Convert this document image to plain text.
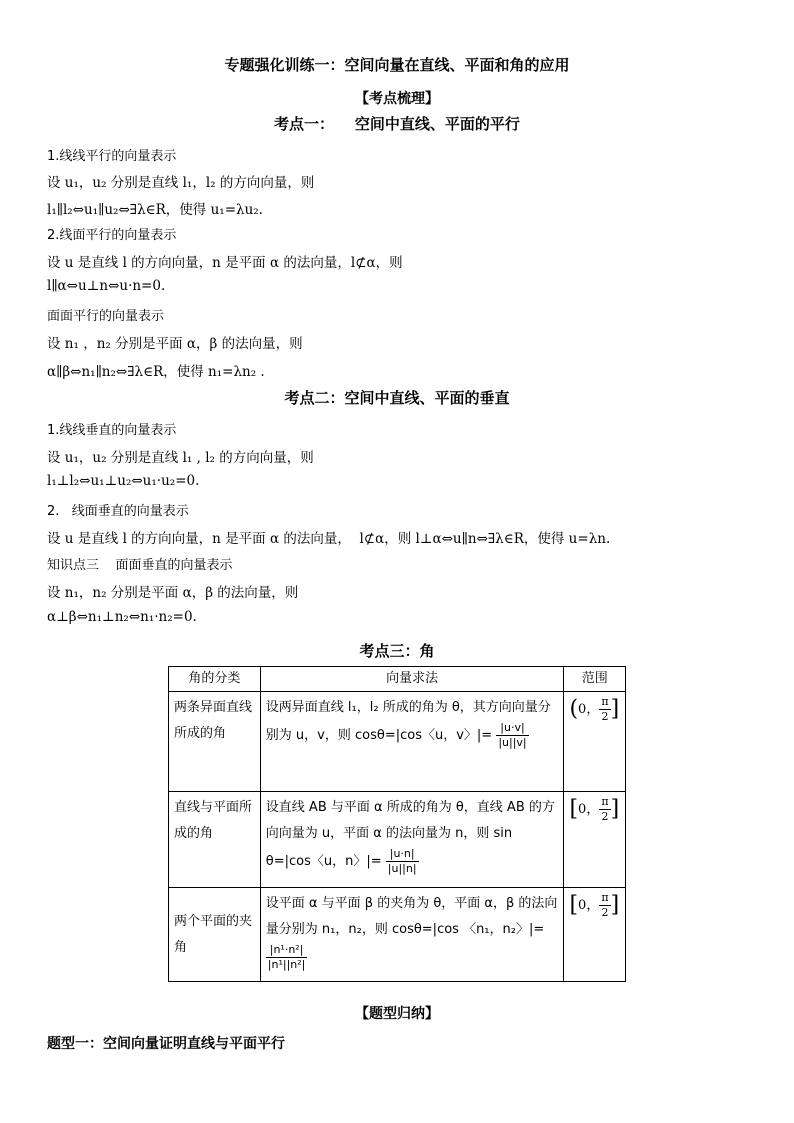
专题强化训练一：空间向量在直线、平面和角的应用
【考点梳理】
考点一：    空间中直线、平面的平行
1.线线平行的向量表示
设 u₁，u₂ 分别是直线 l₁，l₂ 的方向向量，则
l₁∥l₂⇔u₁∥u₂⇔∃λ∈R，使得 u₁=λu₂.
2.线面平行的向量表示
设 u 是直线 l 的方向向量，n 是平面 α 的法向量，l⊄α，则
l∥α⇔u⊥n⇔u·n=0.
面面平行的向量表示
设 n₁ ，n₂ 分别是平面 α，β 的法向量，则
α∥β⇔n₁∥n₂⇔∃λ∈R，使得 n₁=λn₂ .
考点二：空间中直线、平面的垂直
1.线线垂直的向量表示
设 u₁，u₂ 分别是直线 l₁ , l₂ 的方向向量，则
l₁⊥l₂⇔u₁⊥u₂⇔u₁·u₂=0.
2.   线面垂直的向量表示
设 u 是直线 l 的方向向量，n 是平面 α 的法向量，  l⊄α，则 l⊥α⇔u∥n⇔∃λ∈R，使得 u=λn.
知识点三    面面垂直的向量表示
设 n₁，n₂ 分别是平面 α，β 的法向量，则
α⊥β⇔n₁⊥n₂⇔n₁·n₂=0.
考点三：角
角的分类	向量求法	范围
两条异面直线所成的角	设两异面直线 l₁，l₂ 所成的角为 θ，其方向向量分别为 u，v，则 cosθ=|cos〈u，v〉|= $\frac{|u\cdot v|}{|u||v|}$	(0， $\frac{\pi}{2}$ ]
直线与平面所成的角	设直线 AB 与平面 α 所成的角为 θ，直线 AB 的方向向量为 u，平面 α 的法向量为 n，则 sin θ=|cos〈u，n〉|= $\frac{|u\cdot n|}{|u||n|}$	[0， $\frac{\pi}{2}$ ]
两个平面的夹角	设平面 α 与平面 β 的夹角为 θ，平面 α，β 的法向量分别为 n₁，n₂，则 cosθ=|cos 〈n₁，n₂〉|=
$\frac{\text{|n¹·n²|}}{\text{|n¹||n²|}}$	[0， $\frac{\pi}{2}$ ]
【题型归纳】
题型一：空间向量证明直线与平面平行
